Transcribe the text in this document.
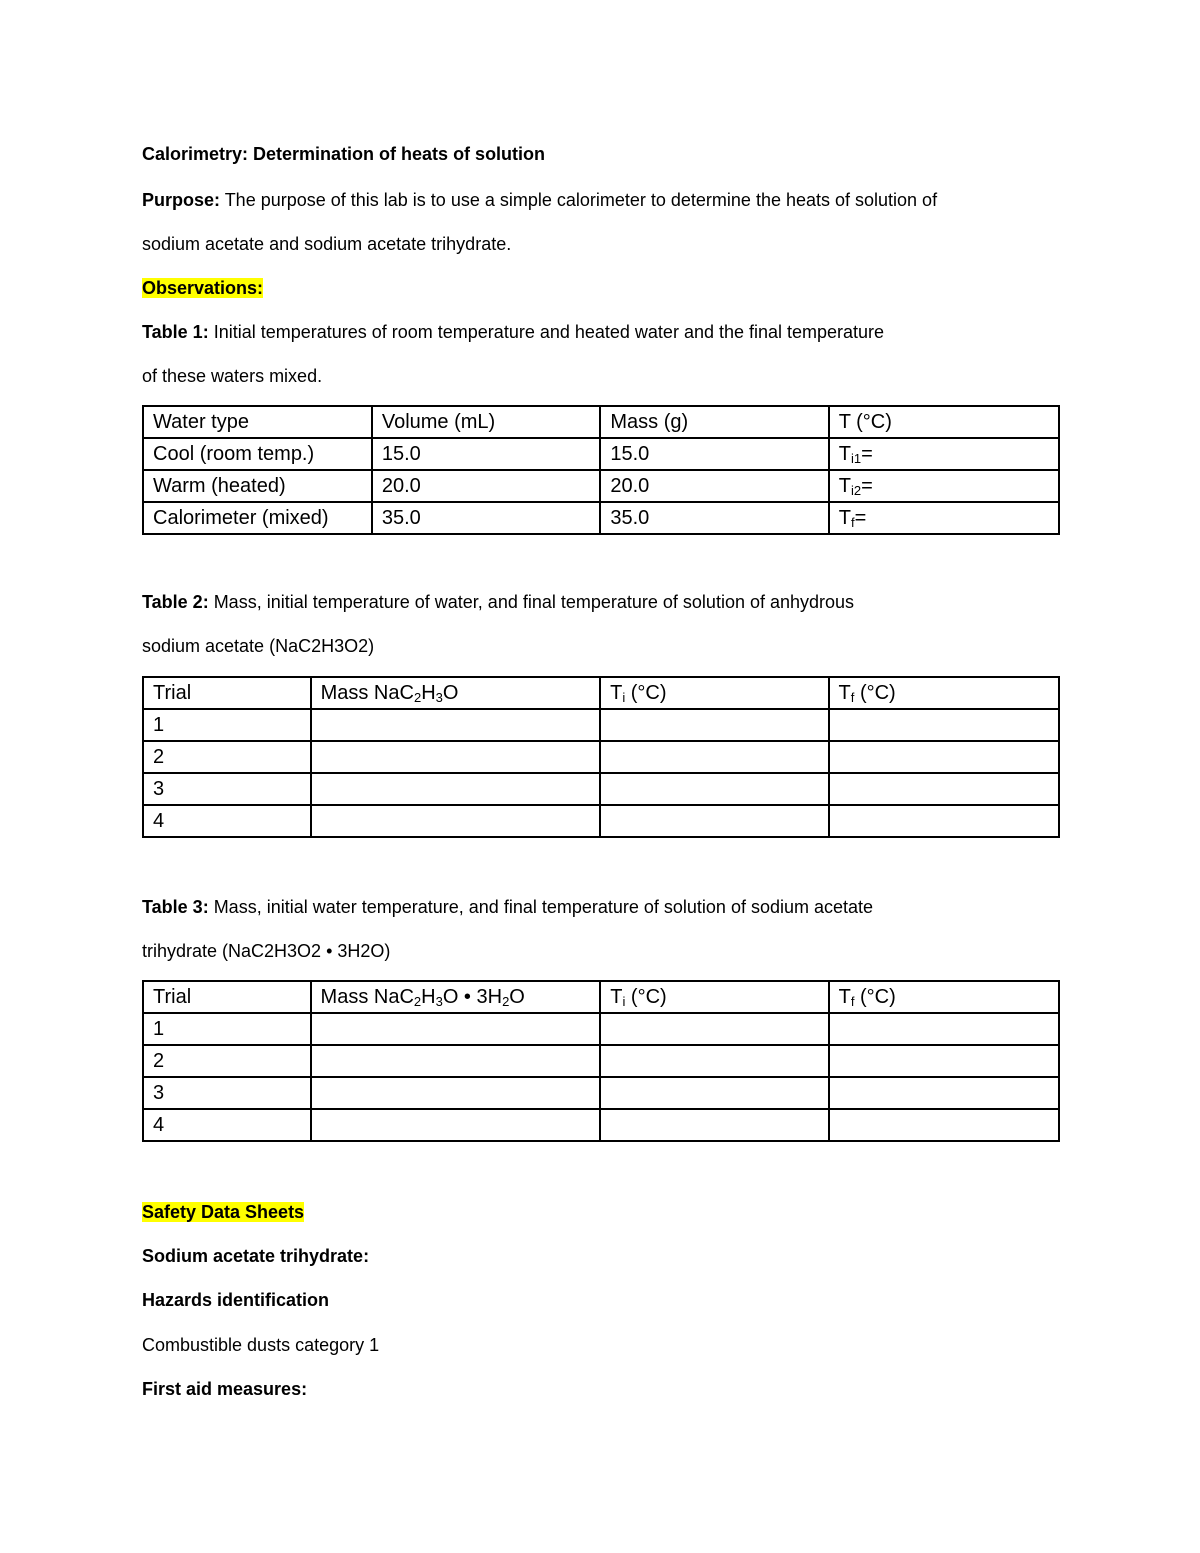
Calorimetry: Determination of heats of solution
Purpose: The purpose of this lab is to use a simple calorimeter to determine the heats of solution of
sodium acetate and sodium acetate trihydrate.
Observations:
Table 1: Initial temperatures of room temperature and heated water and the final temperature
of these waters mixed.
Water type	Volume (mL)	Mass (g)	T (°C)
Cool (room temp.)	15.0	15.0	$T_{i1}=$
Warm (heated)	20.0	20.0	$T_{i2}=$
Calorimeter (mixed)	35.0	35.0	$T_f=$
Table 2: Mass, initial temperature of water, and final temperature of solution of anhydrous
sodium acetate (NaC2H3O2)
Trial	Mass $NaC_2H_3O$	$T_i$ (°C)	$T_f$ (°C)
1			
2			
3			
4			
Table 3: Mass, initial water temperature, and final temperature of solution of sodium acetate
trihydrate (NaC2H3O2 • 3H2O)
Trial	Mass $NaC_2H_3O$ • $3H_2O$	$T_i$ (°C)	$T_f$ (°C)
1			
2			
3			
4			
Safety Data Sheets
Sodium acetate trihydrate:
Hazards identification
Combustible dusts category 1
First aid measures:
